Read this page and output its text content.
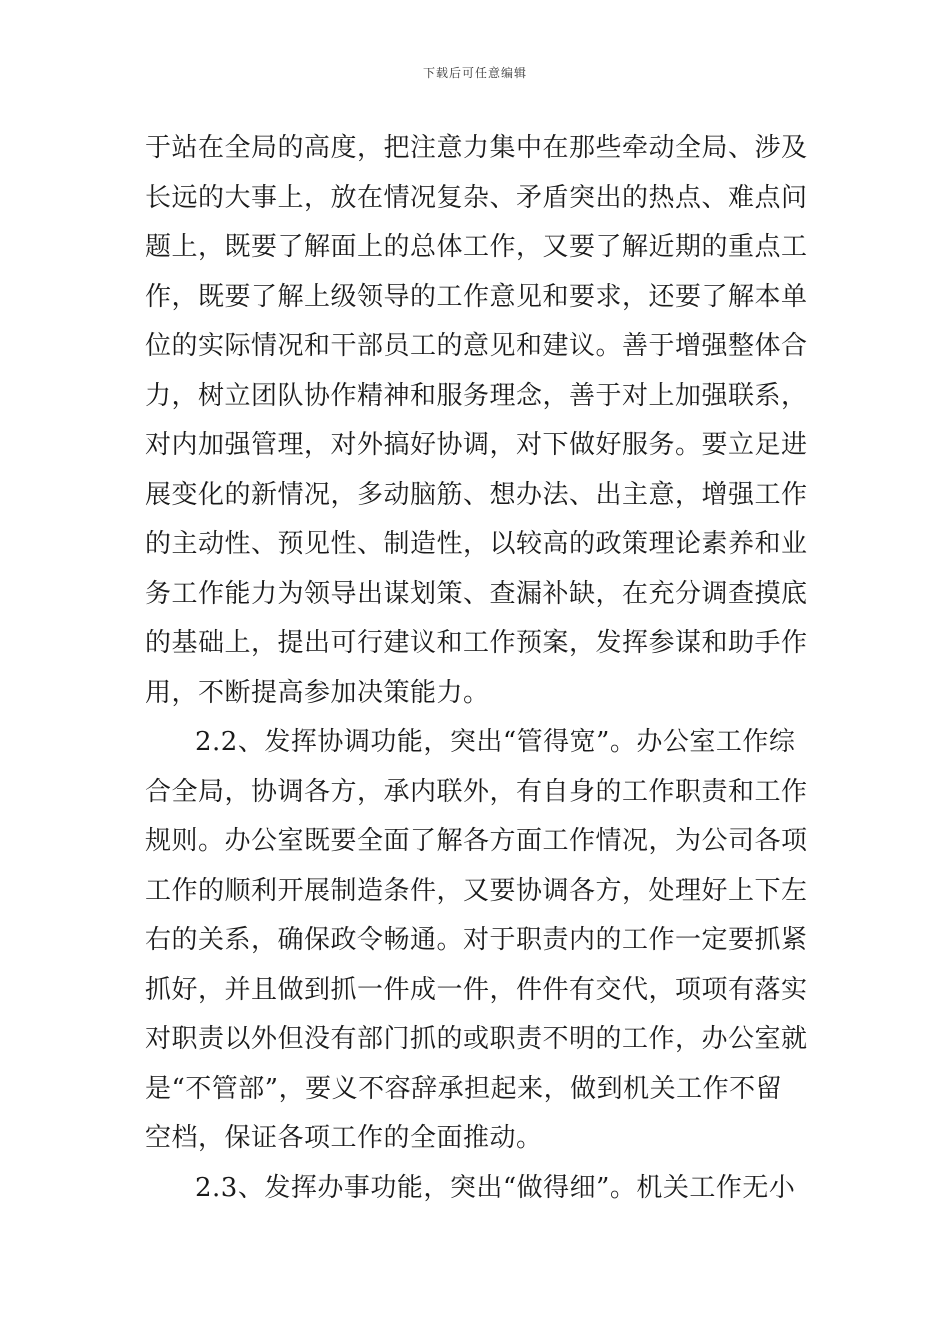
下载后可任意编辑
于站在全局的高度，把注意力集中在那些牵动全局、涉及
长远的大事上，放在情况复杂、矛盾突出的热点、难点问
题上，既要了解面上的总体工作，又要了解近期的重点工
作，既要了解上级领导的工作意见和要求，还要了解本单
位的实际情况和干部员工的意见和建议。善于增强整体合
力，树立团队协作精神和服务理念，善于对上加强联系，
对内加强管理，对外搞好协调，对下做好服务。要立足进
展变化的新情况，多动脑筋、想办法、出主意，增强工作
的主动性、预见性、制造性，以较高的政策理论素养和业
务工作能力为领导出谋划策、查漏补缺，在充分调查摸底
的基础上，提出可行建议和工作预案，发挥参谋和助手作
用，不断提高参加决策能力。
2.2、发挥协调功能，突出“管得宽”。办公室工作综
合全局，协调各方，承内联外，有自身的工作职责和工作
规则。办公室既要全面了解各方面工作情况，为公司各项
工作的顺利开展制造条件，又要协调各方，处理好上下左
右的关系，确保政令畅通。对于职责内的工作一定要抓紧
抓好，并且做到抓一件成一件，件件有交代，项项有落实
对职责以外但没有部门抓的或职责不明的工作，办公室就
是“不管部”，要义不容辞承担起来，做到机关工作不留
空档，保证各项工作的全面推动。
2.3、发挥办事功能，突出“做得细”。机关工作无小
